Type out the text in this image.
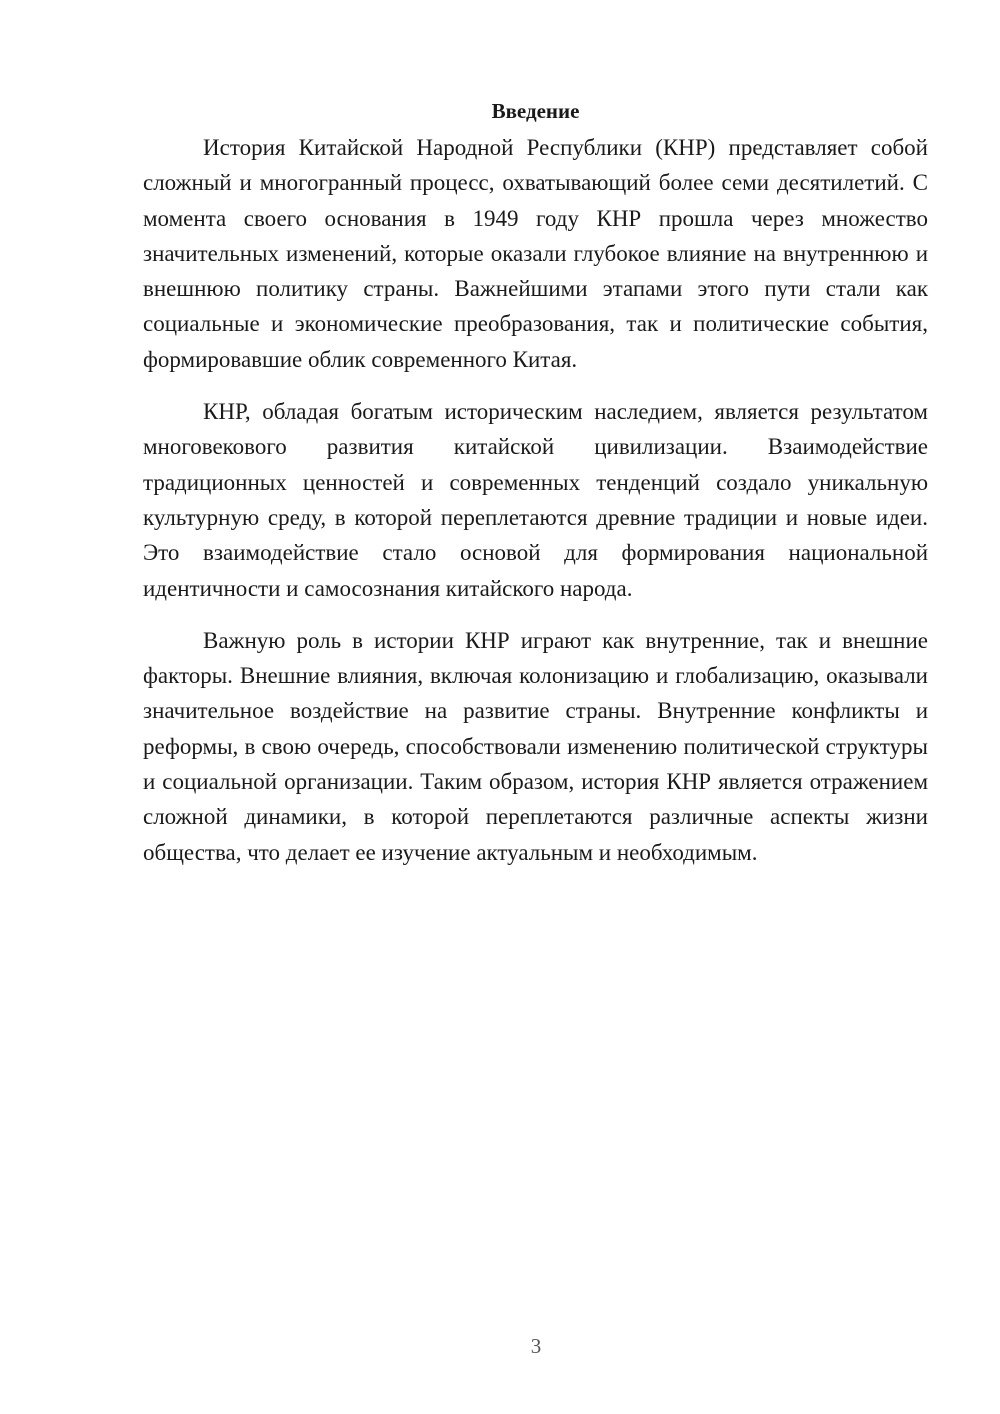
Введение

История Китайской Народной Республики (КНР) представляет собой сложный и многогранный процесс, охватывающий более семи десятилетий. С момента своего основания в 1949 году КНР прошла через множество значительных изменений, которые оказали глубокое влияние на внутреннюю и внешнюю политику страны. Важнейшими этапами этого пути стали как социальные и экономические преобразования, так и политические события, формировавшие облик современного Китая.

КНР, обладая богатым историческим наследием, является результатом многовекового развития китайской цивилизации. Взаимодействие традиционных ценностей и современных тенденций создало уникальную культурную среду, в которой переплетаются древние традиции и новые идеи. Это взаимодействие стало основой для формирования национальной идентичности и самосознания китайского народа.

Важную роль в истории КНР играют как внутренние, так и внешние факторы. Внешние влияния, включая колонизацию и глобализацию, оказывали значительное воздействие на развитие страны. Внутренние конфликты и реформы, в свою очередь, способствовали изменению политической структуры и социальной организации. Таким образом, история КНР является отражением сложной динамики, в которой переплетаются различные аспекты жизни общества, что делает ее изучение актуальным и необходимым.

3
